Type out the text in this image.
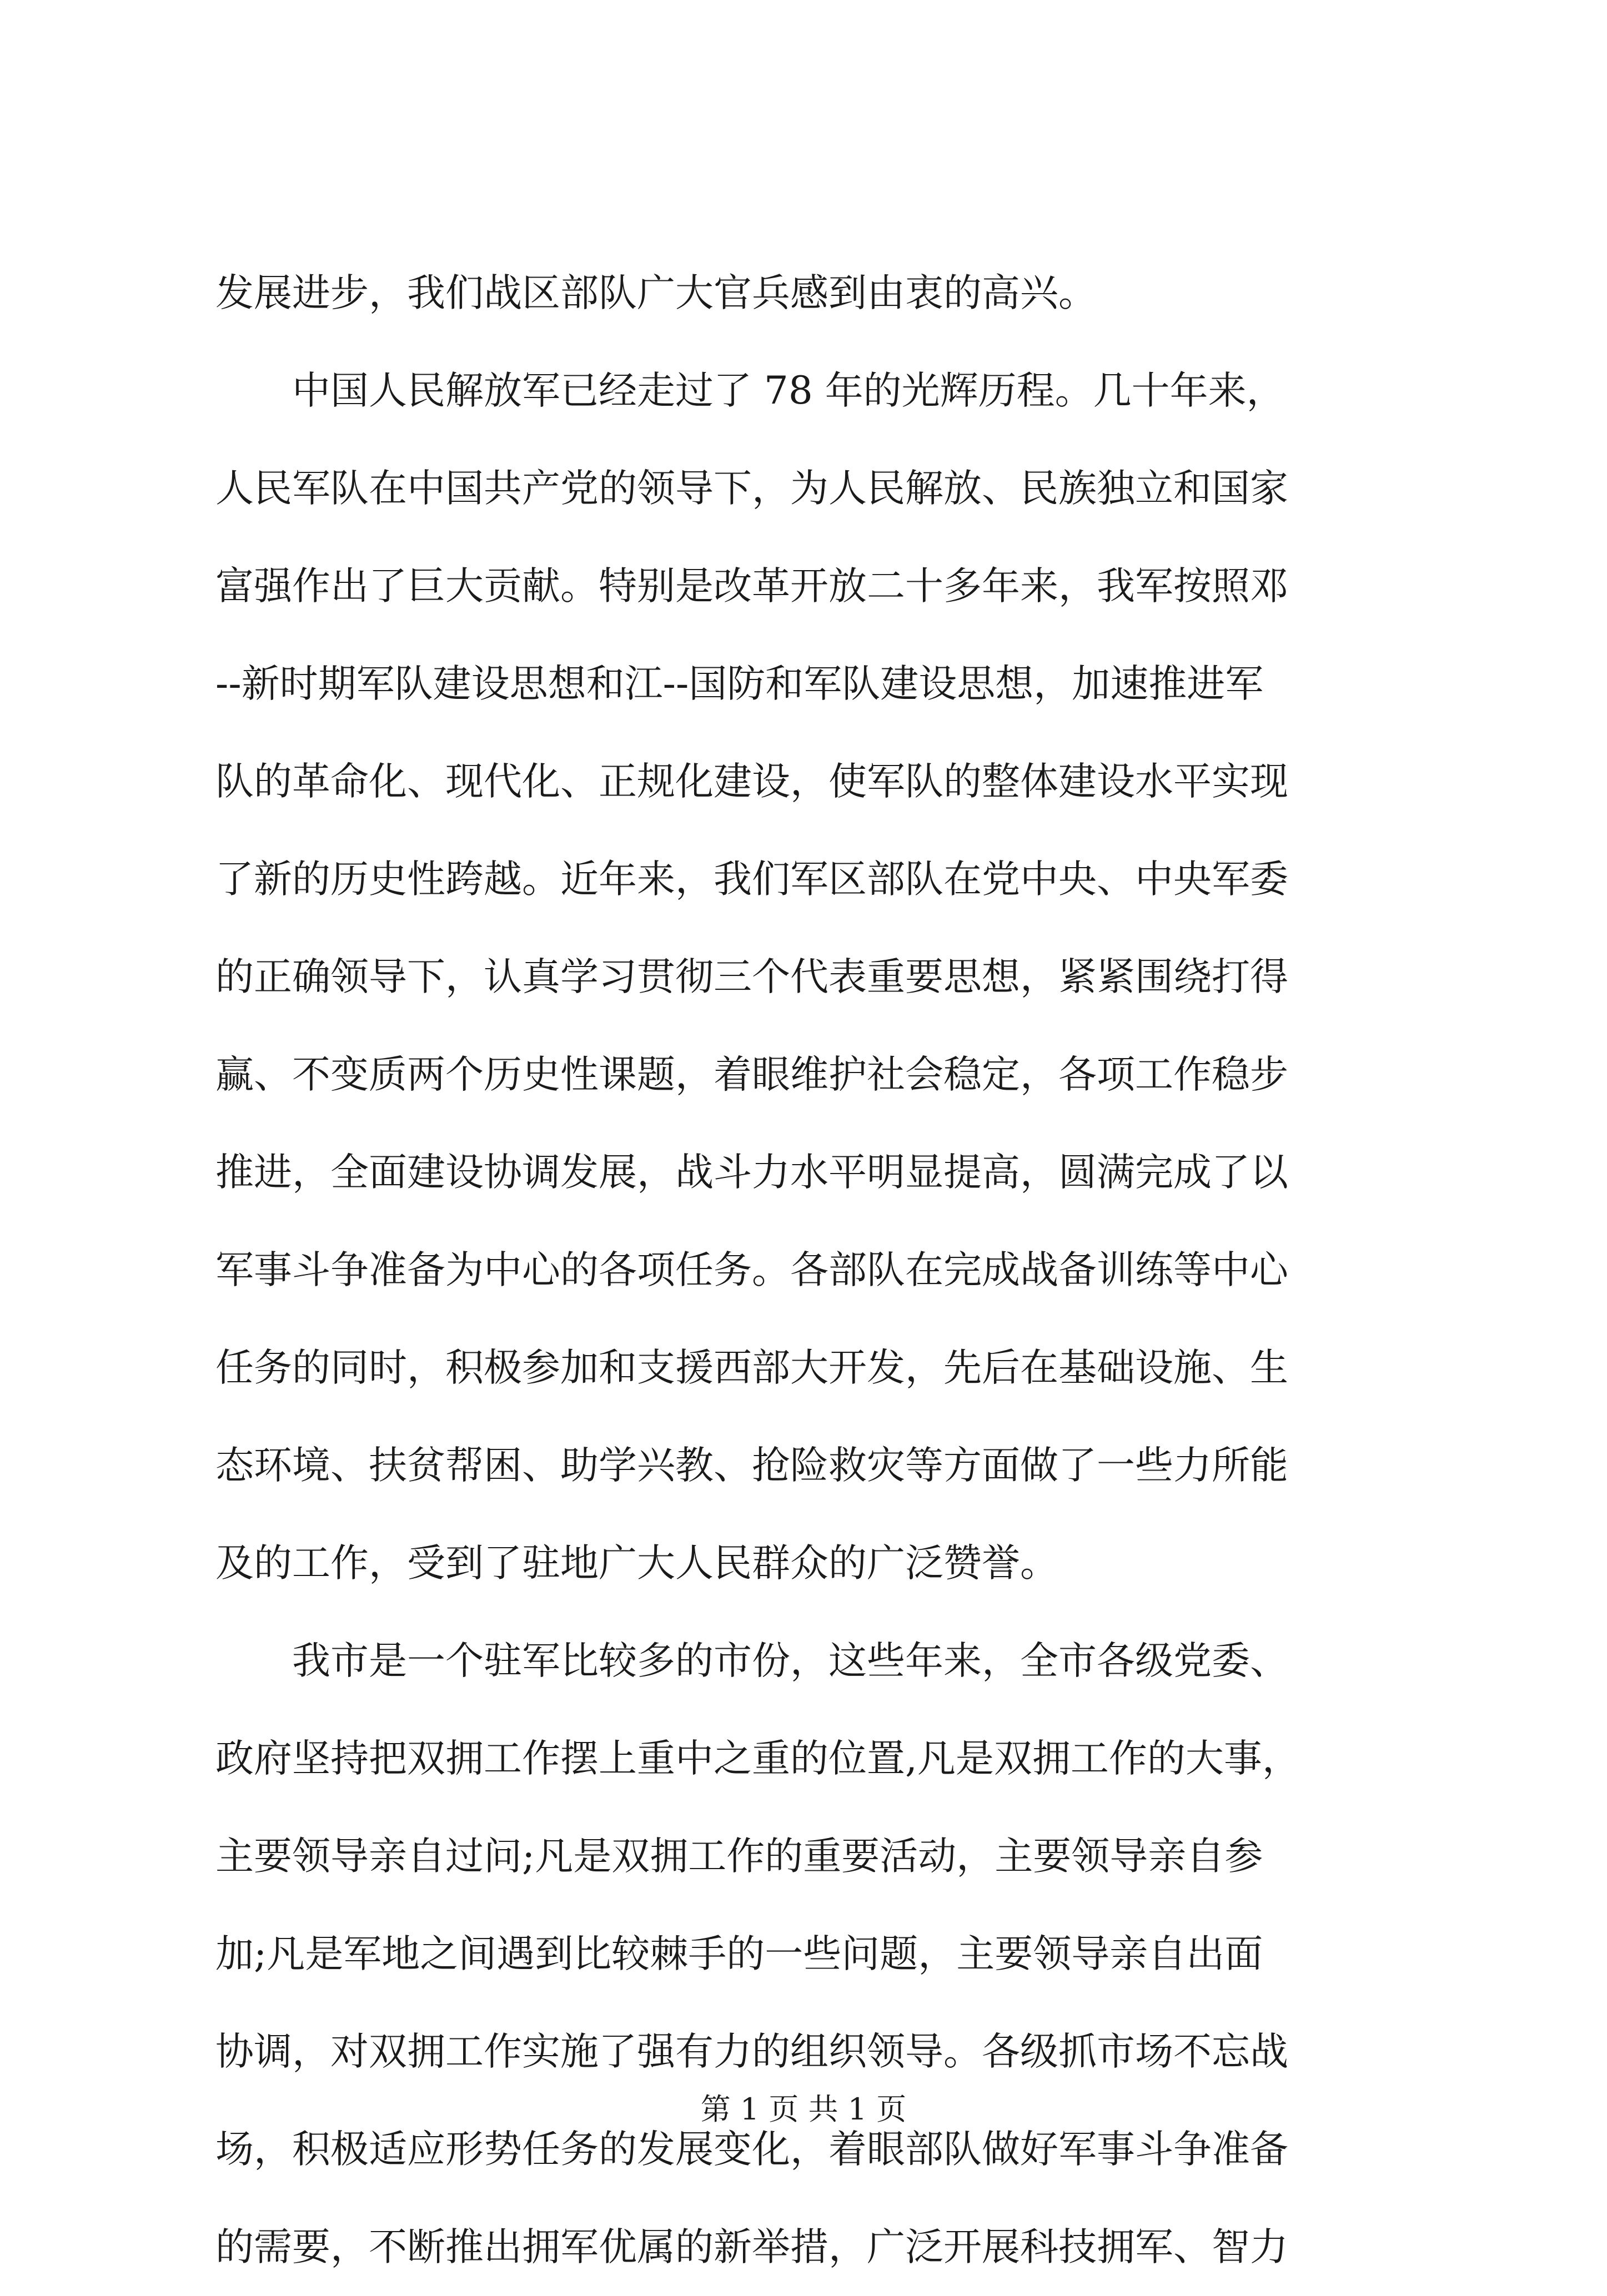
发展进步，我们战区部队广大官兵感到由衷的高兴。
　　中国人民解放军已经走过了 78 年的光辉历程。几十年来，
人民军队在中国共产党的领导下，为人民解放、民族独立和国家
富强作出了巨大贡献。特别是改革开放二十多年来，我军按照邓
--新时期军队建设思想和江--国防和军队建设思想，加速推进军
队的革命化、现代化、正规化建设，使军队的整体建设水平实现
了新的历史性跨越。近年来，我们军区部队在党中央、中央军委
的正确领导下，认真学习贯彻三个代表重要思想，紧紧围绕打得
赢、不变质两个历史性课题，着眼维护社会稳定，各项工作稳步
推进，全面建设协调发展，战斗力水平明显提高，圆满完成了以
军事斗争准备为中心的各项任务。各部队在完成战备训练等中心
任务的同时，积极参加和支援西部大开发，先后在基础设施、生
态环境、扶贫帮困、助学兴教、抢险救灾等方面做了一些力所能
及的工作，受到了驻地广大人民群众的广泛赞誉。
　　我市是一个驻军比较多的市份，这些年来，全市各级党委、
政府坚持把双拥工作摆上重中之重的位置,凡是双拥工作的大事，
主要领导亲自过问;凡是双拥工作的重要活动，主要领导亲自参
加;凡是军地之间遇到比较棘手的一些问题，主要领导亲自出面
协调，对双拥工作实施了强有力的组织领导。各级抓市场不忘战
场，积极适应形势任务的发展变化，着眼部队做好军事斗争准备
的需要，不断推出拥军优属的新举措，广泛开展科技拥军、智力
第 1 页 共 1 页
